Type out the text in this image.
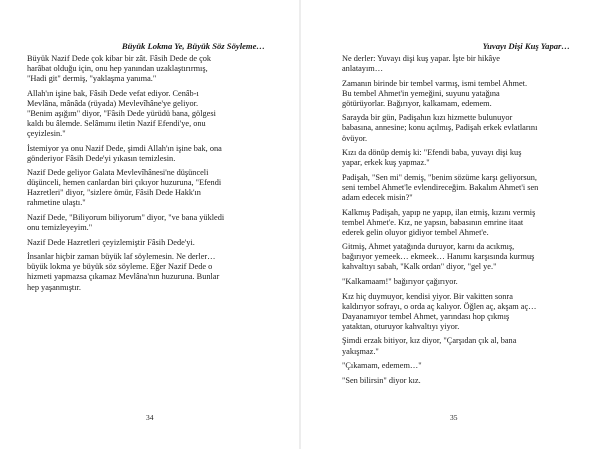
Büyük Lokma Ye, Büyük Söz Söyleme…
Büyük Nazif Dede çok kibar bir zât. Fâsih Dede de çok
harâbat olduğu için, onu hep yanından uzaklaştırırmış,
"Hadi git" dermiş, "yaklaşma yanıma."
Allah'ın işine bak, Fâsih Dede vefat ediyor. Cenâb-ı
Mevlâna, mânâda (rüyada) Mevlevîhâne'ye geliyor.
"Benim aşığım" diyor, "Fâsih Dede yürüdü bana, gölgesi
kaldı bu âlemde. Selâmımı iletin Nazif Efendi'ye, onu
çeyizlesin."
İstemiyor ya onu Nazif Dede, şimdi Allah'ın işine bak, ona
gönderiyor Fâsih Dede'yi yıkasın temizlesin.
Nazif Dede geliyor Galata Mevlevîhânesi'ne düşünceli
düşünceli, hemen canlardan biri çıkıyor huzuruna, "Efendi
Hazretleri" diyor, "sizlere ömür, Fâsih Dede Hakk'ın
rahmetine ulaştı."
Nazif Dede, "Biliyorum biliyorum" diyor, "ve bana yükledi
onu temizleyeyim."
Nazif Dede Hazretleri çeyizlemiştir Fâsih Dede'yi.
İnsanlar hiçbir zaman büyük laf söylemesin. Ne derler…
büyük lokma ye büyük söz söyleme. Eğer Nazif Dede o
hizmeti yapmazsa çıkamaz Mevlâna'nın huzuruna. Bunlar
hep yaşanmıştır.
34
Yuvayı Dişi Kuş Yapar…
Ne derler: Yuvayı dişi kuş yapar. İşte bir hikâye
anlatayım…
Zamanın birinde bir tembel varmış, ismi tembel Ahmet.
Bu tembel Ahmet'in yemeğini, suyunu yatağına
götürüyorlar. Bağırıyor, kalkamam, edemem.
Sarayda bir gün, Padişahın kızı hizmette bulunuyor
babasına, annesine; konu açılmış, Padişah erkek evlatlarını
övüyor.
Kızı da dönüp demiş ki: "Efendi baba, yuvayı dişi kuş
yapar, erkek kuş yapmaz."
Padişah, "Sen mi" demiş, "benim sözüme karşı geliyorsun,
seni tembel Ahmet'le evlendireceğim. Bakalım Ahmet'i sen
adam edecek misin?"
Kalkmış Padişah, yapıp ne yapıp, ilan etmiş, kızını vermiş
tembel Ahmet'e. Kız, ne yapsın, babasının emrine itaat
ederek gelin oluyor gidiyor tembel Ahmet'e.
Gitmiş, Ahmet yatağında duruyor, karnı da acıkmış,
bağırıyor yemeek… ekmeek… Hanımı karşısında kurmuş
kahvaltıyı sabah, "Kalk ordan" diyor, "gel ye."
"Kalkamaam!" bağırıyor çağırıyor.
Kız hiç duymuyor, kendisi yiyor. Bir vakitten sonra
kaldırıyor sofrayı, o orda aç kalıyor. Öğlen aç, akşam aç…
Dayanamıyor tembel Ahmet, yarındası hop çıkmış
yataktan, oturuyor kahvaltıyı yiyor.
Şimdi erzak bitiyor, kız diyor, "Çarşıdan çık al, bana
yakışmaz."
"Çıkamam, edemem…"
"Sen bilirsin" diyor kız.
35
